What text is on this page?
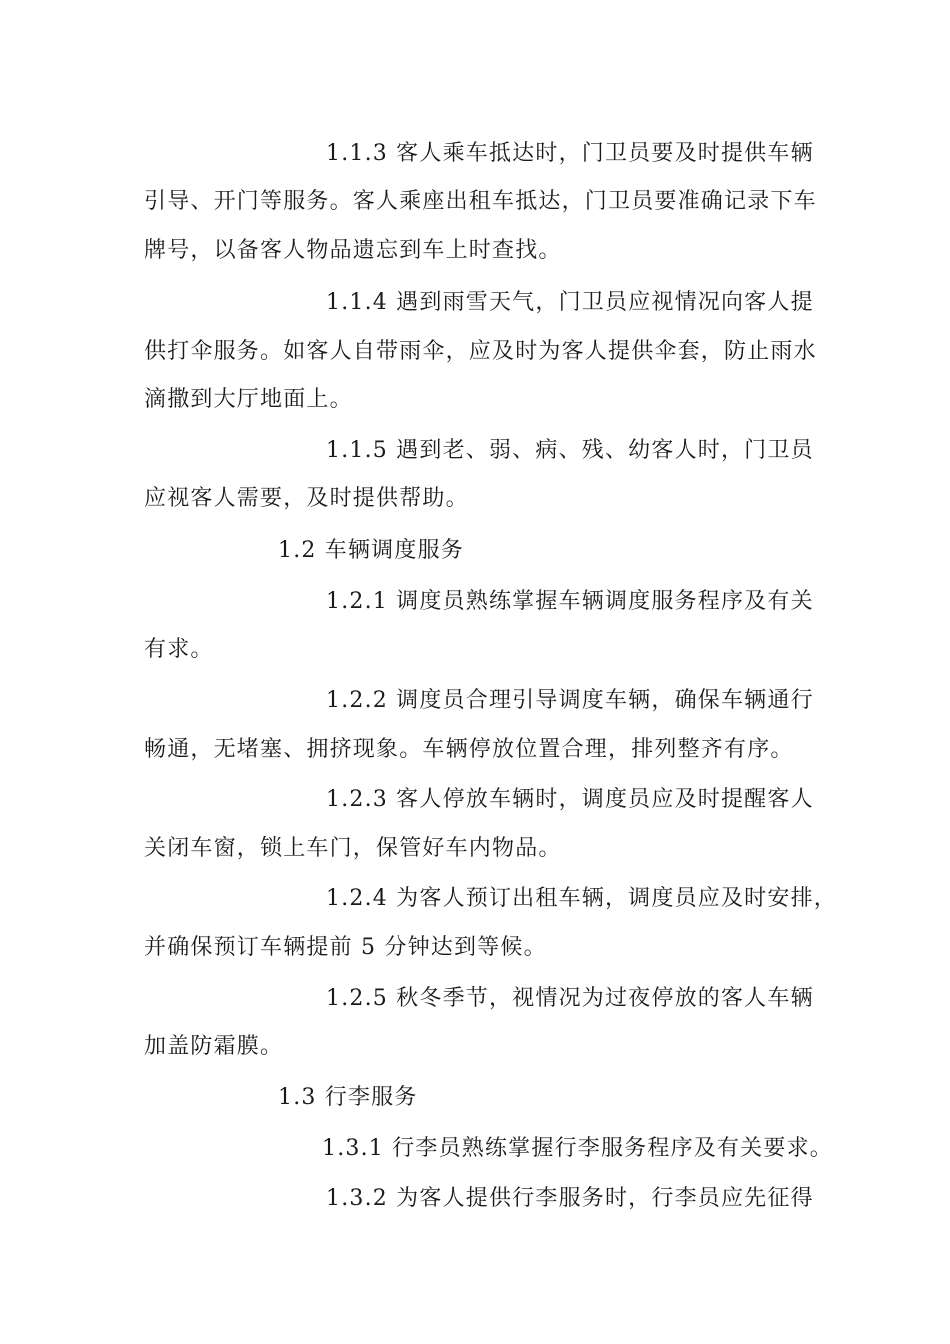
1.1.3 客人乘车抵达时，门卫员要及时提供车辆
引导、开门等服务。客人乘座出租车抵达，门卫员要准确记录下车
牌号，以备客人物品遗忘到车上时查找。
1.1.4 遇到雨雪天气，门卫员应视情况向客人提
供打伞服务。如客人自带雨伞，应及时为客人提供伞套，防止雨水
滴撒到大厅地面上。
1.1.5 遇到老、弱、病、残、幼客人时，门卫员
应视客人需要，及时提供帮助。
1.2 车辆调度服务
1.2.1 调度员熟练掌握车辆调度服务程序及有关
有求。
1.2.2 调度员合理引导调度车辆，确保车辆通行
畅通，无堵塞、拥挤现象。车辆停放位置合理，排列整齐有序。
1.2.3 客人停放车辆时，调度员应及时提醒客人
关闭车窗，锁上车门，保管好车内物品。
1.2.4 为客人预订出租车辆，调度员应及时安排，
并确保预订车辆提前 5 分钟达到等候。
1.2.5 秋冬季节，视情况为过夜停放的客人车辆
加盖防霜膜。
1.3 行李服务
1.3.1 行李员熟练掌握行李服务程序及有关要求。
1.3.2 为客人提供行李服务时，行李员应先征得
